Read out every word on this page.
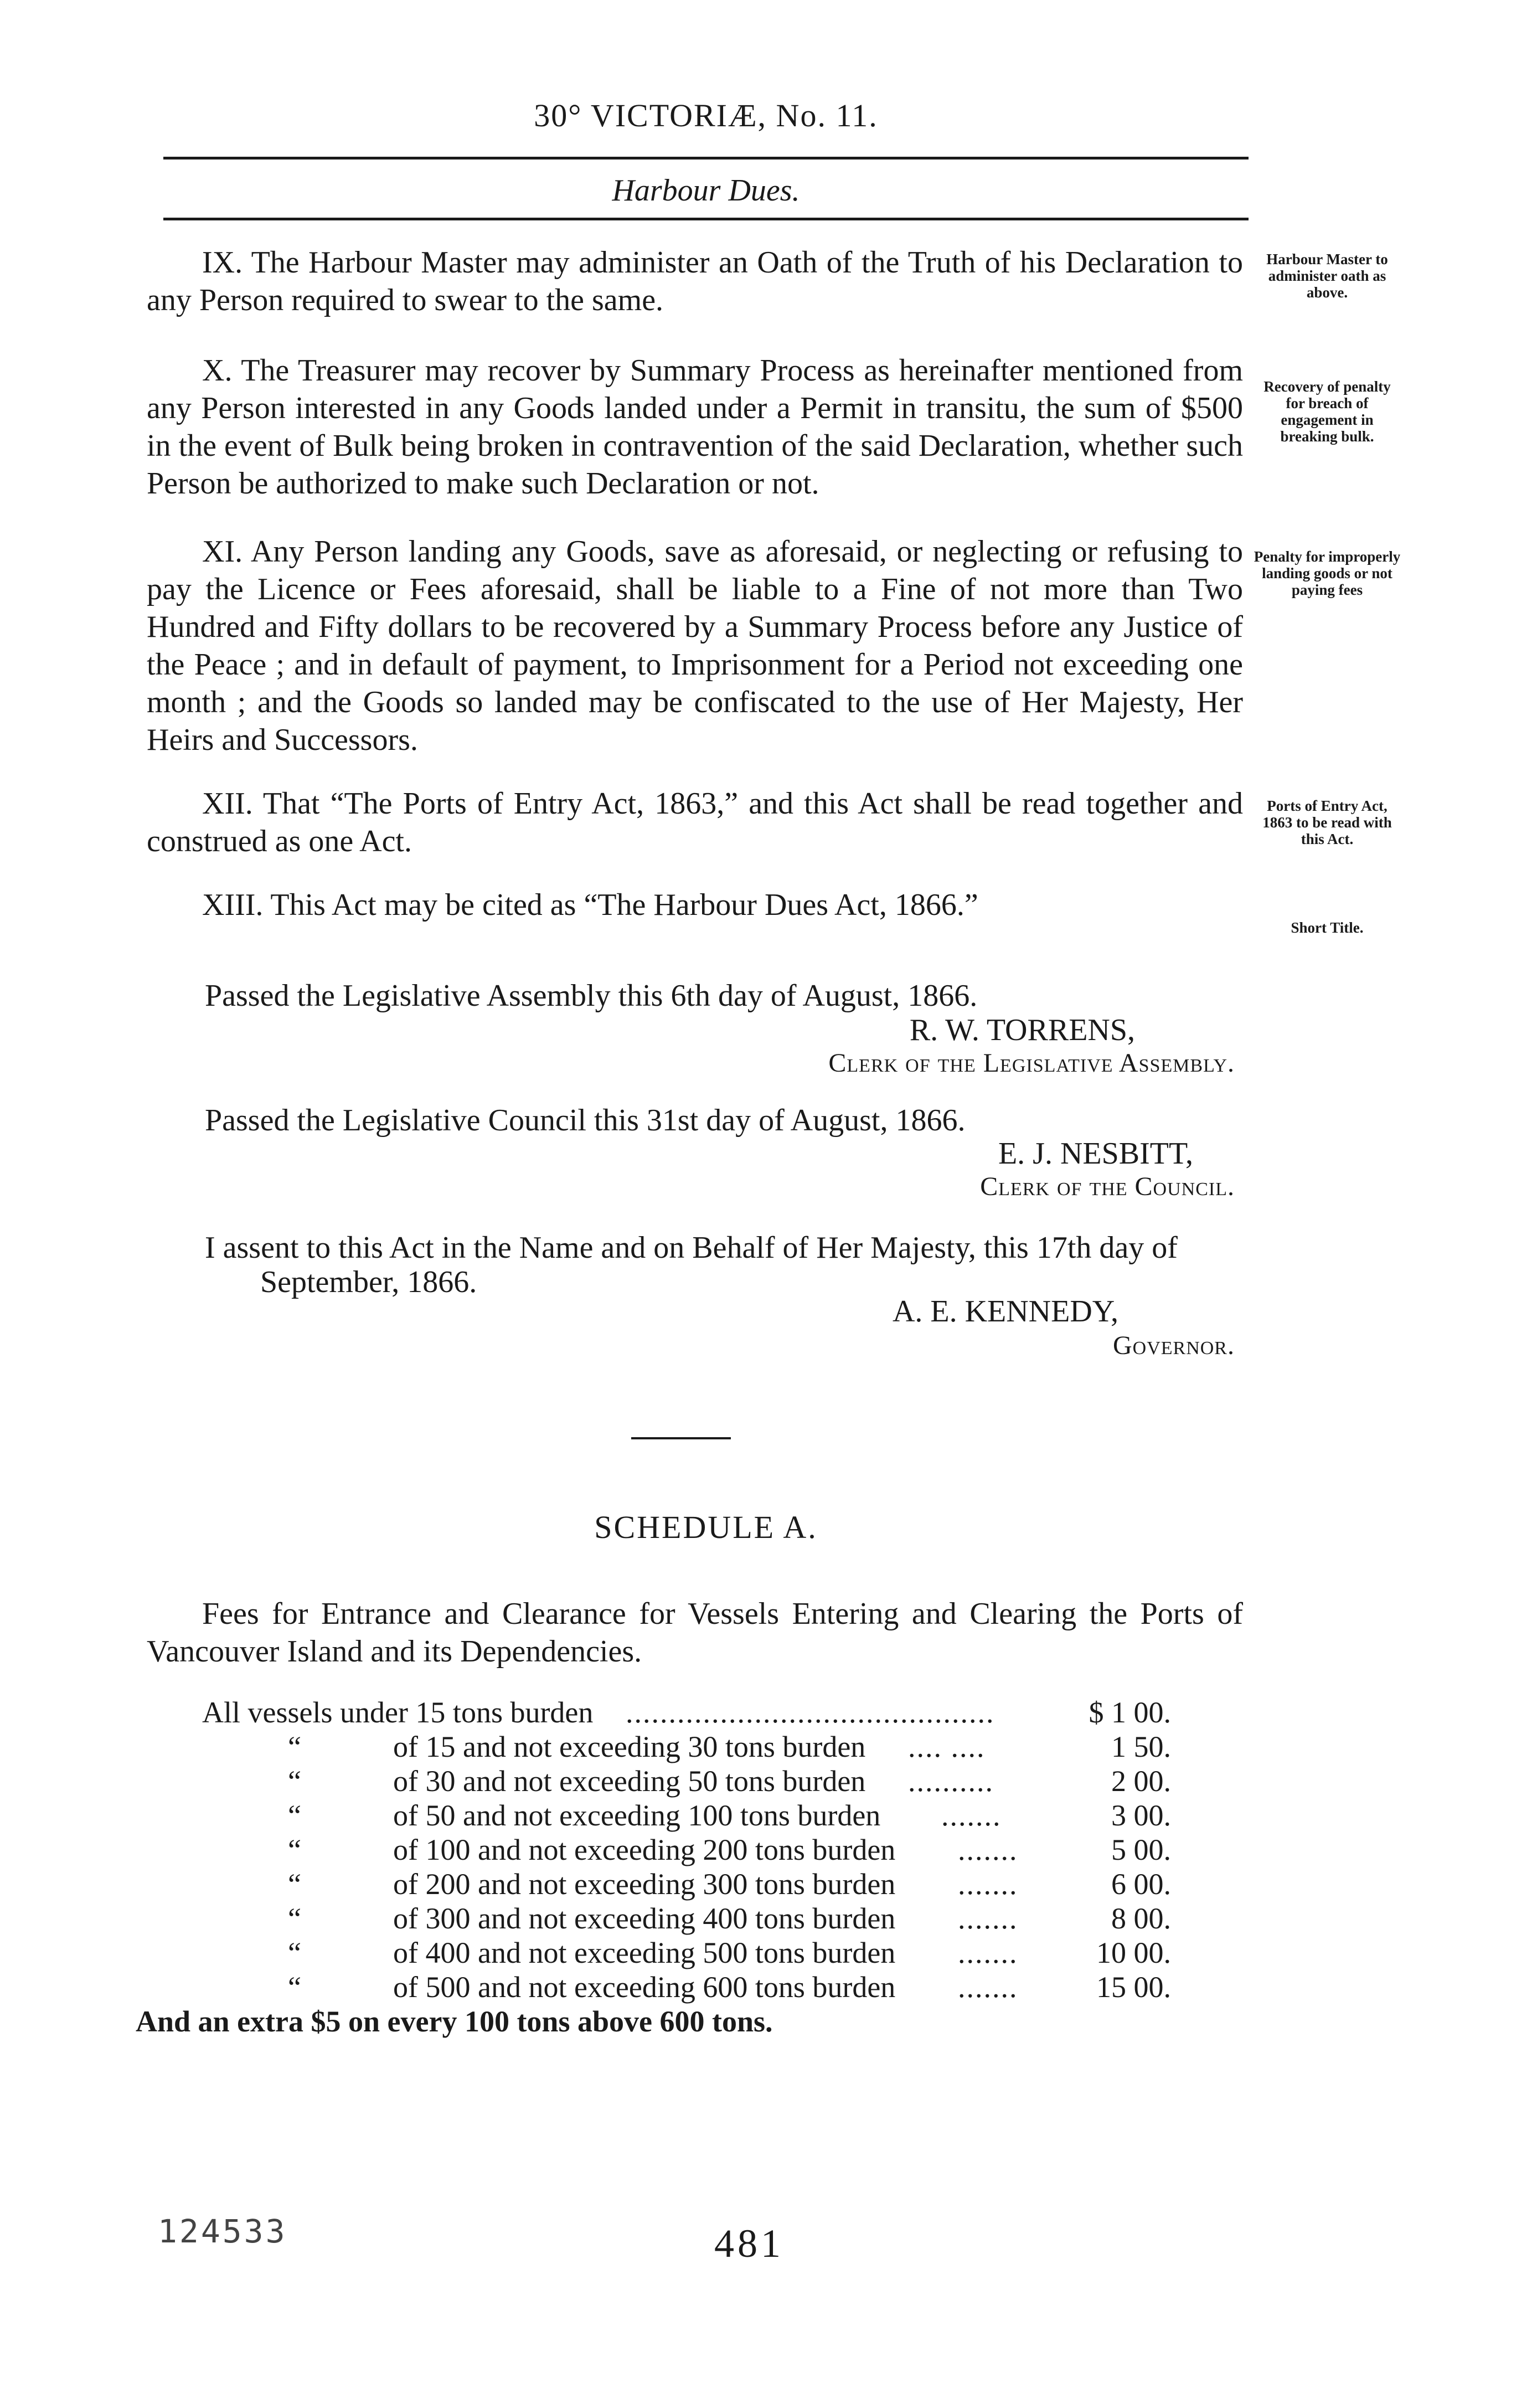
30° VICTORIÆ, No. 11.
Harbour Dues.

IX. The Harbour Master may administer an Oath of the Truth of his Declaration to any Person required to swear to the same.

Harbour Master to administer oath as above.

X. The Treasurer may recover by Summary Process as hereinafter mentioned from any Person interested in any Goods landed under a Permit in transitu, the sum of $500 in the event of Bulk being broken in contravention of the said Declaration, whether such Person be authorized to make such Declaration or not.

Recovery of penalty for breach of engagement in breaking bulk.

XI. Any Person landing any Goods, save as aforesaid, or neglecting or refusing to pay the Licence or Fees aforesaid, shall be liable to a Fine of not more than Two Hundred and Fifty dollars to be recovered by a Summary Process before any Justice of the Peace ; and in default of payment, to Imprisonment for a Period not exceeding one month ; and the Goods so landed may be confiscated to the use of Her Majesty, Her Heirs and Successors.

Penalty for improperly landing goods or not paying fees

XII. That “The Ports of Entry Act, 1863,” and this Act shall be read together and construed as one Act.

Ports of Entry Act, 1863 to be read with this Act.

XIII. This Act may be cited as “The Harbour Dues Act, 1866.”

Short Title.
Passed the Legislative Assembly this 6th day of August, 1866.
R. W. TORRENS,
Clerk of the Legislative Assembly.
Passed the Legislative Council this 31st day of August, 1866.
E. J. NESBITT,
Clerk of the Council.
I assent to this Act in the Name and on Behalf of Her Majesty, this 17th day of
September, 1866.
A. E. KENNEDY,
Governor.
SCHEDULE A.

Fees for Entrance and Clearance for Vessels Entering and Clearing the Ports of Vancouver Island and its Dependencies.

All vessels under 15 tons burden ...........................................	$ 1 00.
“	of 15 and not exceeding 30 tons burden .... ....	1 50.
“	of 30 and not exceeding 50 tons burden ..........	2 00.
“	of 50 and not exceeding 100 tons burden .......	3 00.
“	of 100 and not exceeding 200 tons burden .......	5 00.
“	of 200 and not exceeding 300 tons burden .......	6 00.
“	of 300 and not exceeding 400 tons burden .......	8 00.
“	of 400 and not exceeding 500 tons burden .......	10 00.
“	of 500 and not exceeding 600 tons burden .......	15 00.
And an extra $5 on every 100 tons above 600 tons.
124533	481
